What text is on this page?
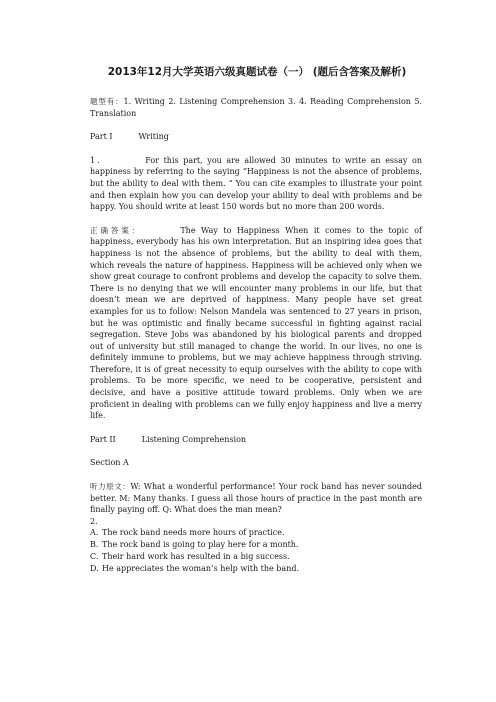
2013年12月大学英语六级真题试卷（一） (题后含答案及解析)

题型有：1. Writing 2. Listening Comprehension 3. 4. Reading Comprehension 5. Translation

Part I	Writing

1．	For this part, you are allowed 30 minutes to write an essay on happiness by referring to the saying “Happiness is not the absence of problems, but the ability to deal with them. “ You can cite examples to illustrate your point and then explain how you can develop your ability to deal with problems and be happy. You should write at least 150 words but no more than 200 words.

正确答案：	The Way to Happiness When it comes to the topic of happiness, everybody has his own interpretation. But an inspiring idea goes that happiness is not the absence of problems, but the ability to deal with them, which reveals the nature of happiness. Happiness will be achieved only when we show great courage to confront problems and develop the capacity to solve them. There is no denying that we will encounter many problems in our life, but that doesn’t mean we are deprived of happiness. Many people have set great examples for us to follow: Nelson Mandela was sentenced to 27 years in prison, but he was optimistic and finally became successful in fighting against racial segregation. Steve Jobs was abandoned by his biological parents and dropped out of university but still managed to change the world. In our lives, no one is definitely immune to problems, but we may achieve happiness through striving. Therefore, it is of great necessity to equip ourselves with the ability to cope with problems. To be more specific, we need to be cooperative, persistent and decisive, and have a positive attitude toward problems. Only when we are proficient in dealing with problems can we fully enjoy happiness and live a merry life.

Part II	Listening Comprehension

Section A

听力原文：W: What a wonderful performance! Your rock band has never sounded better. M: Many thanks. I guess all those hours of practice in the past month are finally paying off. Q: What does the man mean?

2．

A．The rock band needs more hours of practice.

B．The rock band is going to play here for a month.

C．Their hard work has resulted in a big success.

D．He appreciates the woman’s help with the band.
